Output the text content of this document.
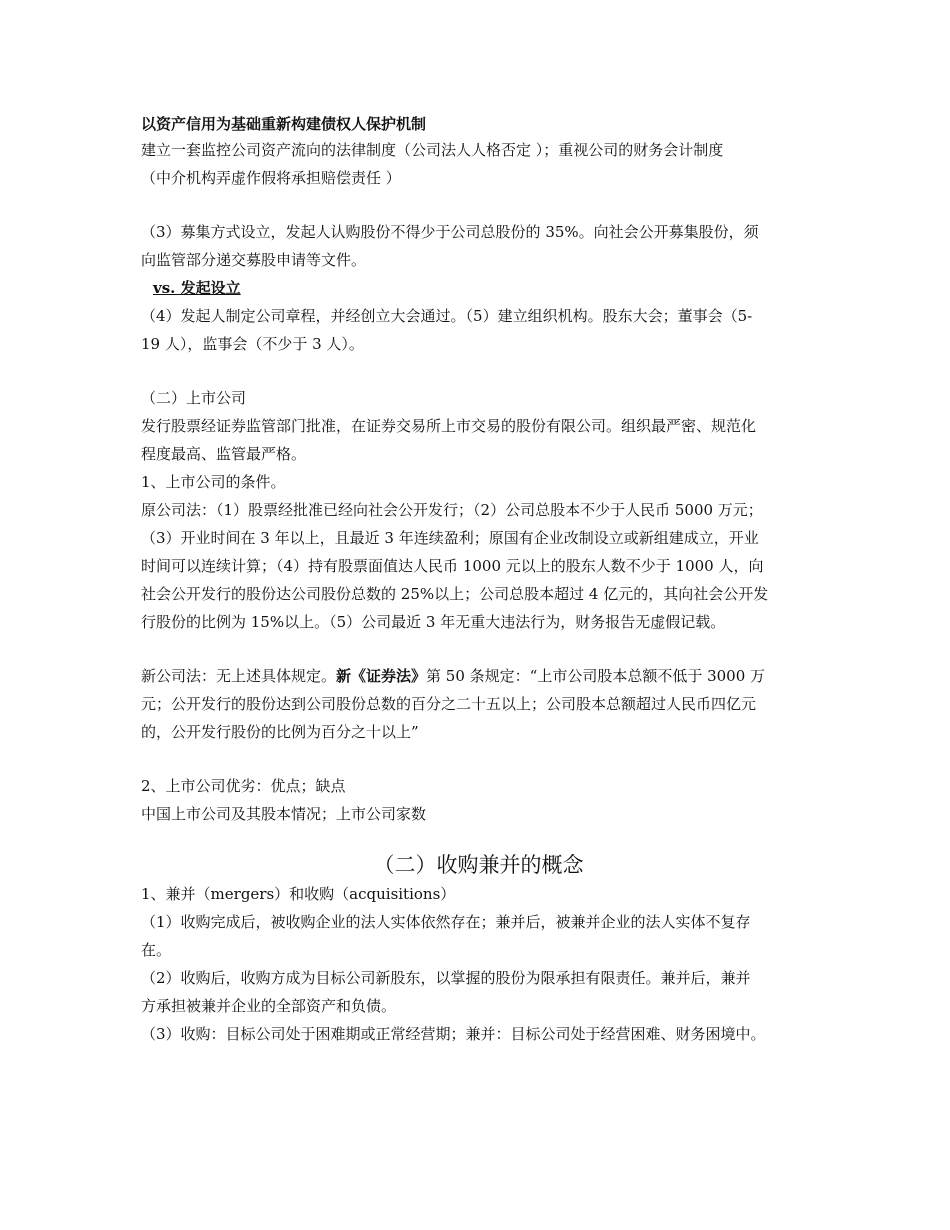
以资产信用为基础重新构建债权人保护机制

建立一套监控公司资产流向的法律制度（公司法人人格否定 ）；重视公司的财务会计制度

（中介机构弄虚作假将承担赔偿责任 ）

（3）募集方式设立，发起人认购股份不得少于公司总股份的 35%。向社会公开募集股份，须

向监管部分递交募股申请等文件。

vs. 发起设立

（4）发起人制定公司章程，并经创立大会通过。（5）建立组织机构。股东大会；董事会（5-

19 人），监事会（不少于 3 人）。

（二）上市公司

发行股票经证券监管部门批准，在证券交易所上市交易的股份有限公司。组织最严密、规范化

程度最高、监管最严格。

1、上市公司的条件。

原公司法：（1）股票经批准已经向社会公开发行；（2）公司总股本不少于人民币 5000 万元；

（3）开业时间在 3 年以上，且最近 3 年连续盈利；原国有企业改制设立或新组建成立，开业

时间可以连续计算；（4）持有股票面值达人民币 1000 元以上的股东人数不少于 1000 人，向

社会公开发行的股份达公司股份总数的 25%以上；公司总股本超过 4 亿元的，其向社会公开发

行股份的比例为 15%以上。（5）公司最近 3 年无重大违法行为，财务报告无虚假记载。

新公司法：无上述具体规定。新《证券法》第 50 条规定：“上市公司股本总额不低于 3000 万

元；公开发行的股份达到公司股份总数的百分之二十五以上；公司股本总额超过人民币四亿元

的，公开发行股份的比例为百分之十以上”

2、上市公司优劣：优点；缺点

中国上市公司及其股本情况；上市公司家数

（二）收购兼并的概念

1、兼并（mergers）和收购（acquisitions）

（1）收购完成后，被收购企业的法人实体依然存在；兼并后，被兼并企业的法人实体不复存

在。

（2）收购后，收购方成为目标公司新股东，以掌握的股份为限承担有限责任。兼并后，兼并

方承担被兼并企业的全部资产和负债。

（3）收购：目标公司处于困难期或正常经营期；兼并：目标公司处于经营困难、财务困境中。
